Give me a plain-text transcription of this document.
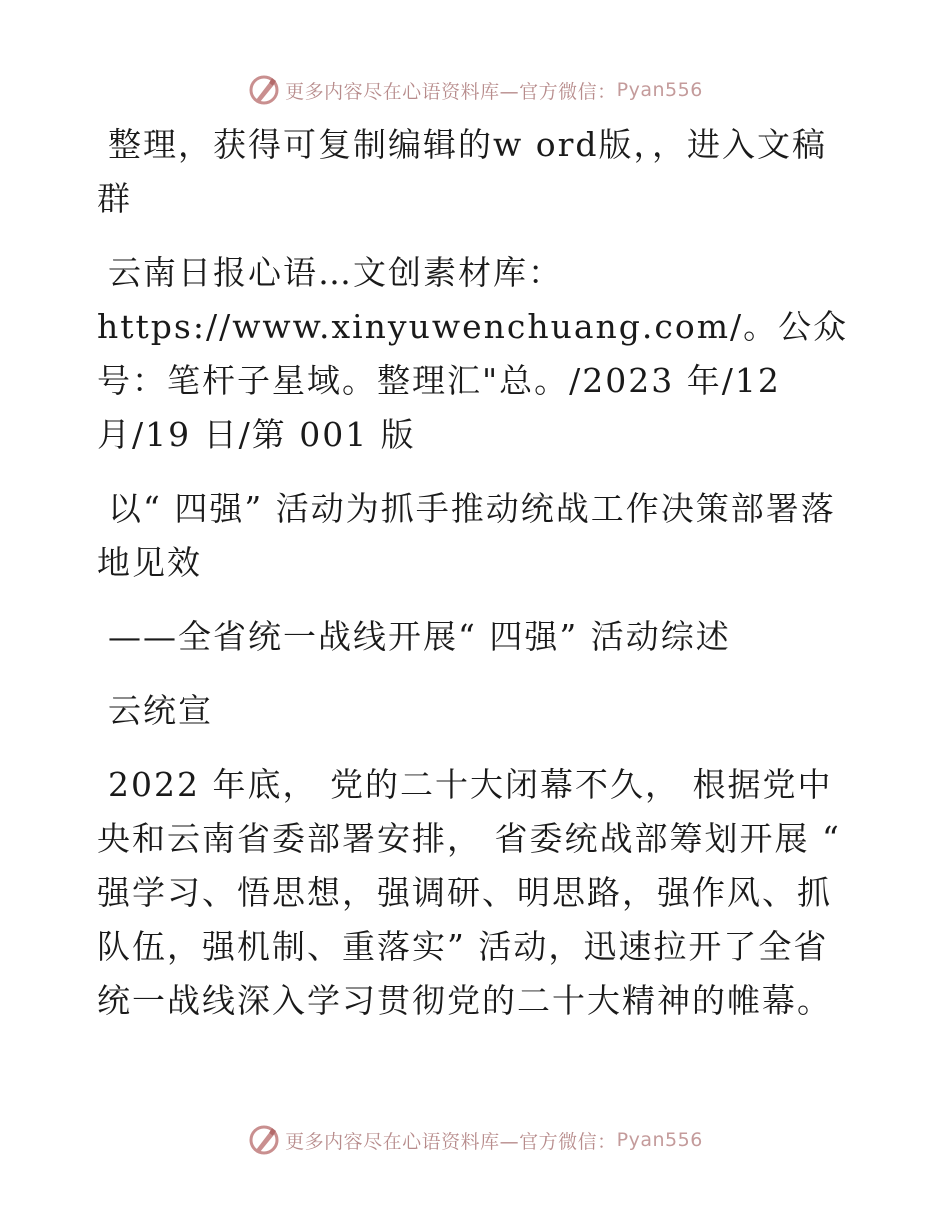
更多内容尽在心语资料库—官方微信： Pyan556

整理，获得可复制编辑的w ord版，，进入文稿群

云南日报心语…文创素材库：https://www.xinyuwenchuang.com/。公众号：笔杆子星域。整理汇"总。/2023 年/12 月/19 日/第 001 版

以“ 四强” 活动为抓手推动统战工作决策部署落地见效

——全省统一战线开展“ 四强” 活动综述

云统宣

2022 年底， 党的二十大闭幕不久， 根据党中央和云南省委部署安排， 省委统战部筹划开展 “ 强学习、悟思想，强调研、明思路，强作风、抓队伍，强机制、重落实” 活动，迅速拉开了全省统一战线深入学习贯彻党的二十大精神的帷幕。

更多内容尽在心语资料库—官方微信： Pyan556
